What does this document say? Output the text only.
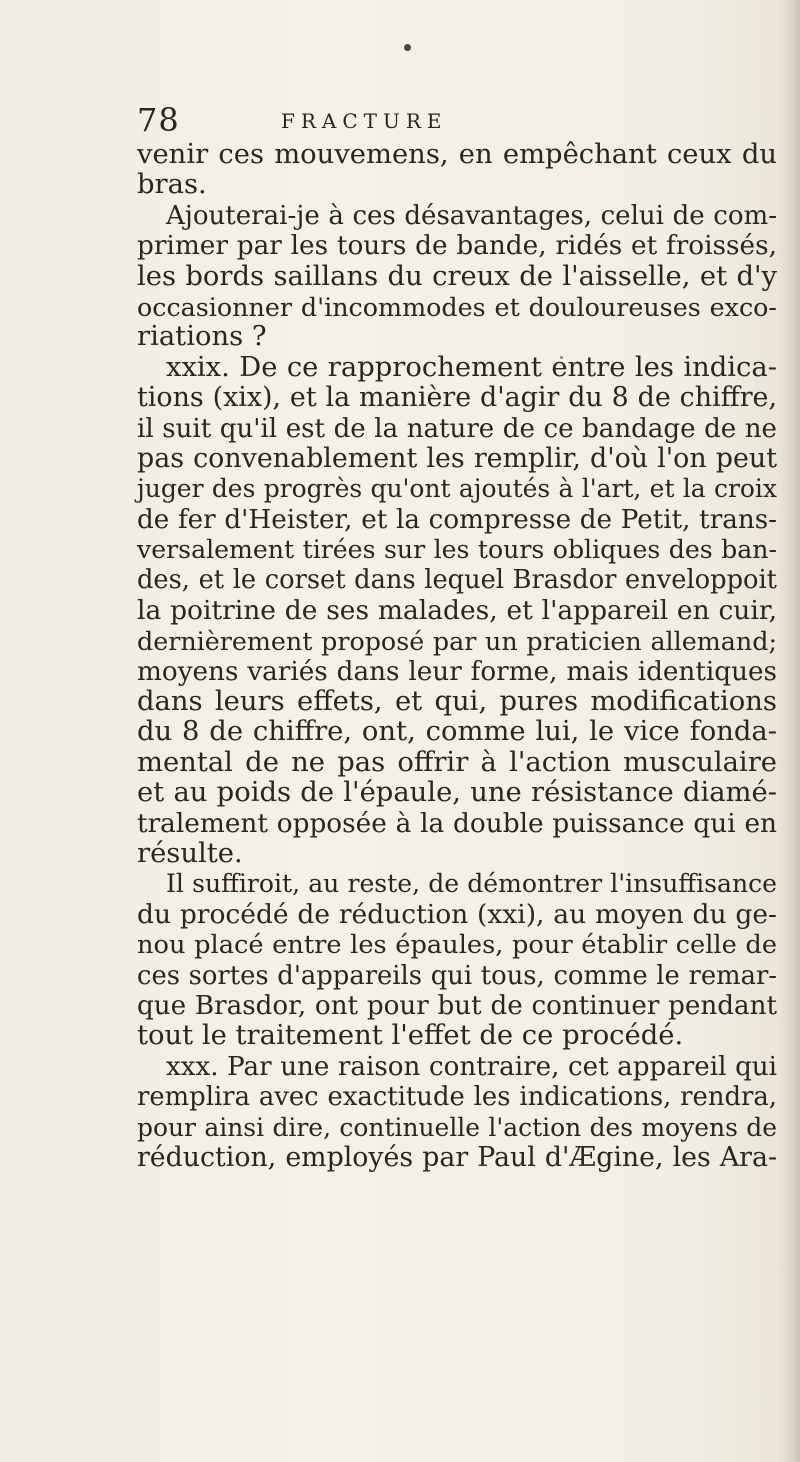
78	FRACTURE
venir ces mouvemens, en empêchant ceux du
bras.
Ajouterai-je à ces désavantages, celui de com-
primer par les tours de bande, ridés et froissés,
les bords saillans du creux de l'aisselle, et d'y
occasionner d'incommodes et douloureuses exco-
riations ?
xxix. De ce rapprochement entre les indica-
tions (xix), et la manière d'agir du 8 de chiffre,
il suit qu'il est de la nature de ce bandage de ne
pas convenablement les remplir, d'où l'on peut
juger des progrès qu'ont ajoutés à l'art, et la croix
de fer d'Heister, et la compresse de Petit, trans-
versalement tirées sur les tours obliques des ban-
des, et le corset dans lequel Brasdor enveloppoit
la poitrine de ses malades, et l'appareil en cuir,
dernièrement proposé par un praticien allemand;
moyens variés dans leur forme, mais identiques
dans leurs effets, et qui, pures modifications
du 8 de chiffre, ont, comme lui, le vice fonda-
mental de ne pas offrir à l'action musculaire
et au poids de l'épaule, une résistance diamé-
tralement opposée à la double puissance qui en
résulte.
Il suffiroit, au reste, de démontrer l'insuffisance
du procédé de réduction (xxi), au moyen du ge-
nou placé entre les épaules, pour établir celle de
ces sortes d'appareils qui tous, comme le remar-
que Brasdor, ont pour but de continuer pendant
tout le traitement l'effet de ce procédé.
xxx. Par une raison contraire, cet appareil qui
remplira avec exactitude les indications, rendra,
pour ainsi dire, continuelle l'action des moyens de
réduction, employés par Paul d'Ægine, les Ara-
